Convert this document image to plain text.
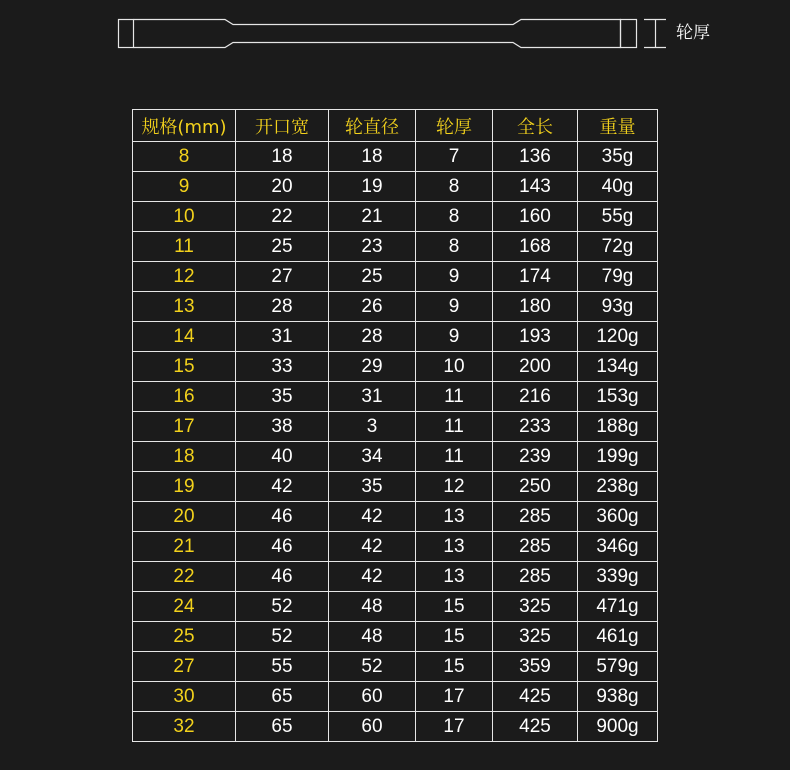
轮厚
规格(mm)	开口宽	轮直径	轮厚	全长	重量
8	18	18	7	136	35g
9	20	19	8	143	40g
10	22	21	8	160	55g
11	25	23	8	168	72g
12	27	25	9	174	79g
13	28	26	9	180	93g
14	31	28	9	193	120g
15	33	29	10	200	134g
16	35	31	11	216	153g
17	38	3	11	233	188g
18	40	34	11	239	199g
19	42	35	12	250	238g
20	46	42	13	285	360g
21	46	42	13	285	346g
22	46	42	13	285	339g
24	52	48	15	325	471g
25	52	48	15	325	461g
27	55	52	15	359	579g
30	65	60	17	425	938g
32	65	60	17	425	900g
